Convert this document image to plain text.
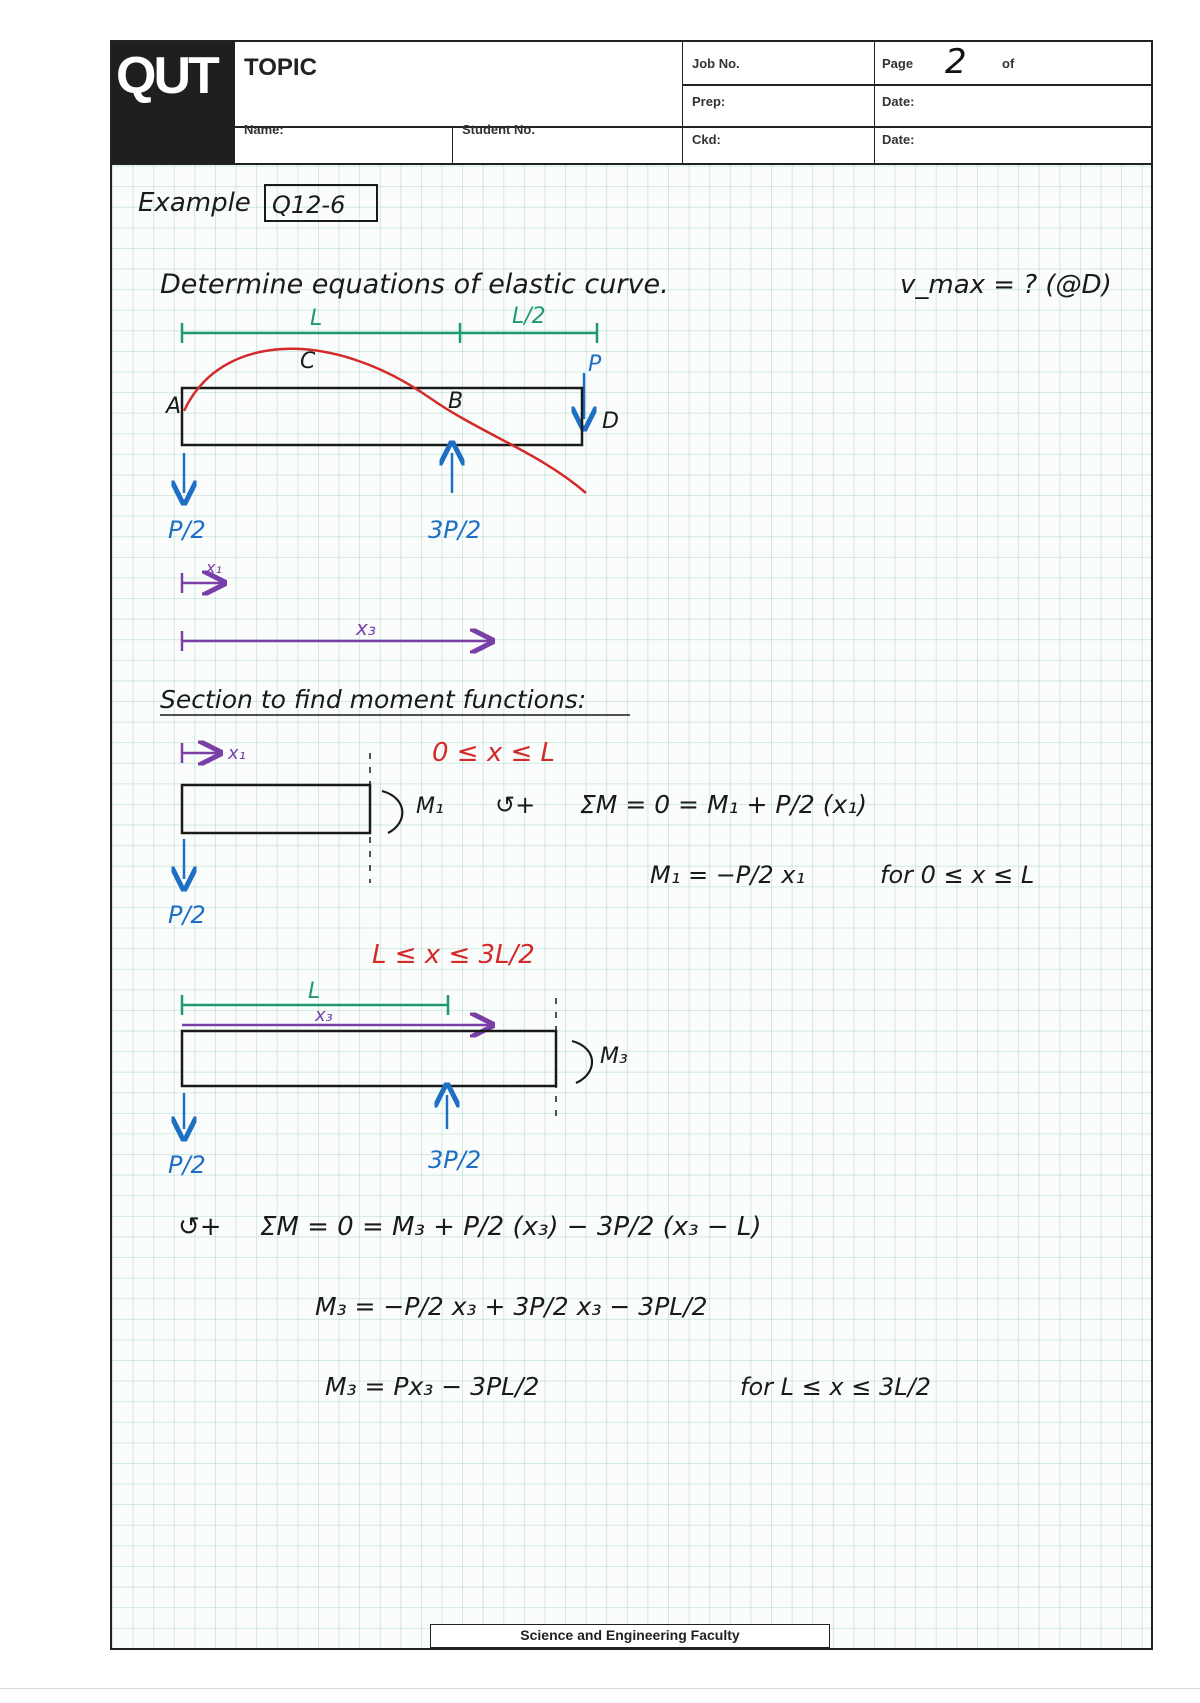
QUT TOPIC	Job No.	Page 2	of
Prep:	Date:
Name:	Student No.
Ckd:	Date:
Science and Engineering Faculty
Example Q12-6
Determine equations of elastic curve.	v_max = ? (@D)
L	L/2
C
A	B
D
P
P/2	3P/2
x₁
x₃
Section to find moment functions:
x₁	0 ≤ x ≤ L
M₁ ↺+ ΣM = 0 = M₁ + P/2 (x₁)
P/2
M₁ = −P/2 x₁	for 0 ≤ x ≤ L
L ≤ x ≤ 3L/2
L
x₃
M₃
P/2	3P/2
↺+ ΣM = 0 = M₃ + P/2 (x₃) − 3P/2 (x₃ − L)
M₃ = −P/2 x₃ + 3P/2 x₃ − 3PL/2
M₃ = Px₃ − 3PL/2	for L ≤ x ≤ 3L/2
